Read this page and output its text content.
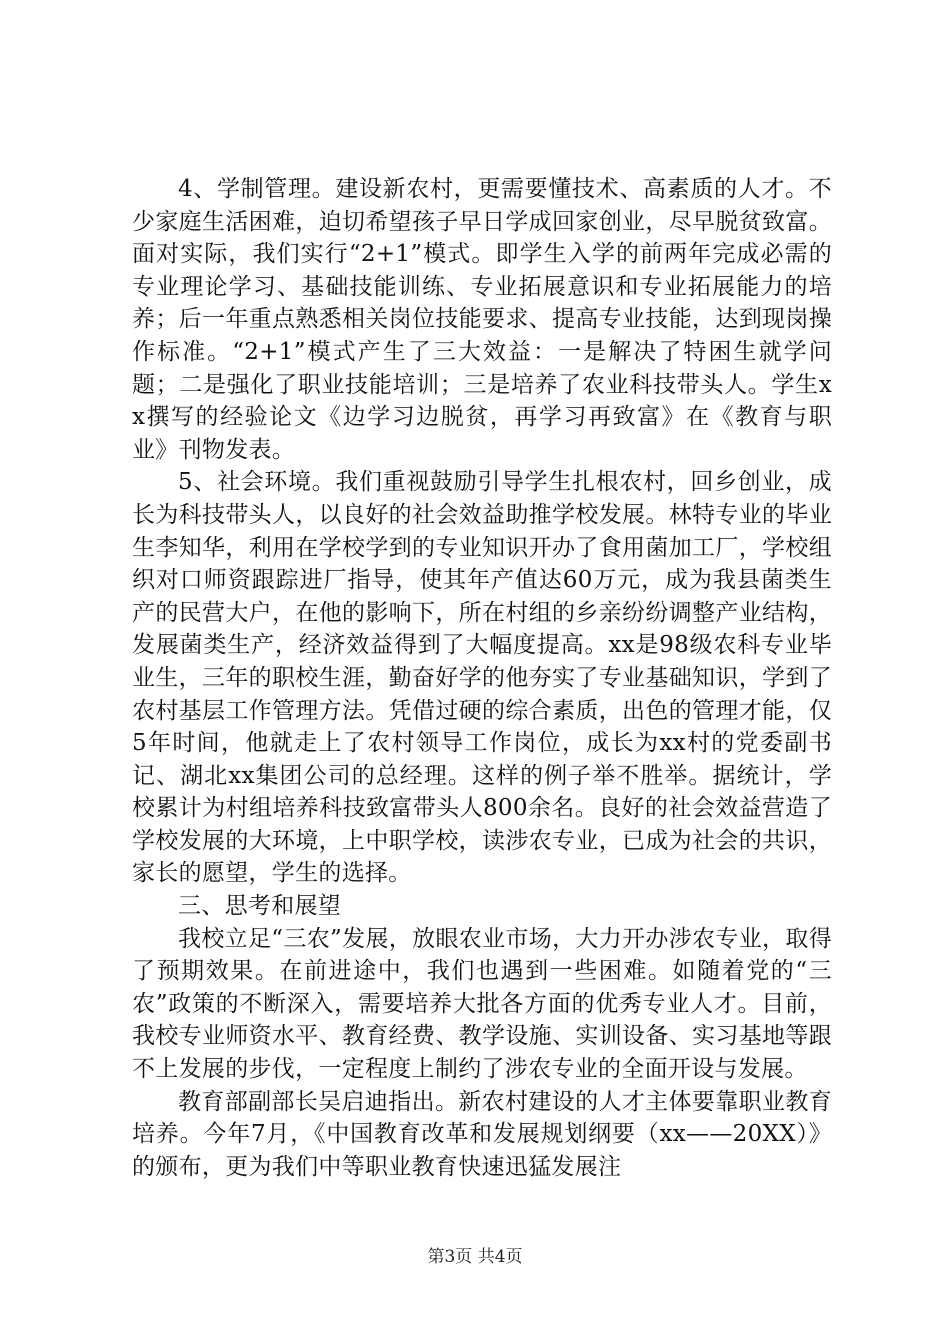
4、学制管理。建设新农村，更需要懂技术、高素质的人才。不少家庭生活困难，迫切希望孩子早日学成回家创业，尽早脱贫致富。面对实际，我们实行“2+1”模式。即学生入学的前两年完成必需的专业理论学习、基础技能训练、专业拓展意识和专业拓展能力的培养；后一年重点熟悉相关岗位技能要求、提高专业技能，达到现岗操作标准。“2+1”模式产生了三大效益：一是解决了特困生就学问题；二是强化了职业技能培训；三是培养了农业科技带头人。学生xx撰写的经验论文《边学习边脱贫，再学习再致富》在《教育与职业》刊物发表。

5、社会环境。我们重视鼓励引导学生扎根农村，回乡创业，成长为科技带头人，以良好的社会效益助推学校发展。林特专业的毕业生李知华，利用在学校学到的专业知识开办了食用菌加工厂，学校组织对口师资跟踪进厂指导，使其年产值达60万元，成为我县菌类生产的民营大户，在他的影响下，所在村组的乡亲纷纷调整产业结构，发展菌类生产，经济效益得到了大幅度提高。xx是98级农科专业毕业生，三年的职校生涯，勤奋好学的他夯实了专业基础知识，学到了农村基层工作管理方法。凭借过硬的综合素质，出色的管理才能，仅5年时间，他就走上了农村领导工作岗位，成长为xx村的党委副书记、湖北xx集团公司的总经理。这样的例子举不胜举。据统计，学校累计为村组培养科技致富带头人800余名。良好的社会效益营造了学校发展的大环境，上中职学校，读涉农专业，已成为社会的共识，家长的愿望，学生的选择。

三、思考和展望

我校立足“三农”发展，放眼农业市场，大力开办涉农专业，取得了预期效果。在前进途中，我们也遇到一些困难。如随着党的“三农”政策的不断深入，需要培养大批各方面的优秀专业人才。目前，我校专业师资水平、教育经费、教学设施、实训设备、实习基地等跟不上发展的步伐，一定程度上制约了涉农专业的全面开设与发展。

教育部副部长吴启迪指出。新农村建设的人才主体要靠职业教育培养。今年7月，《中国教育改革和发展规划纲要（xx——20XX）》的颁布，更为我们中等职业教育快速迅猛发展注

第3页 共4页
